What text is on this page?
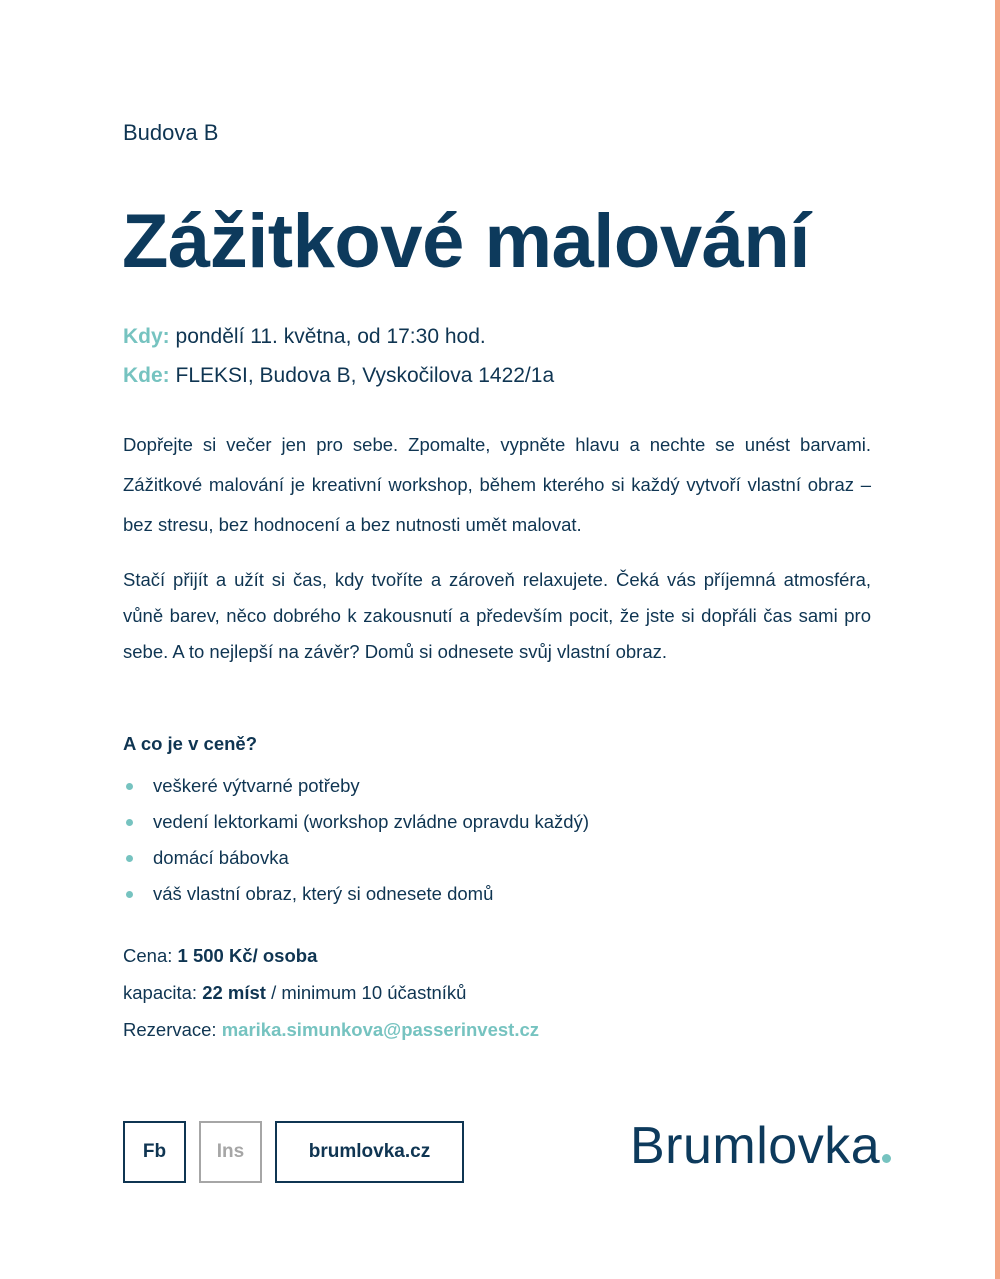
Budova B
Zážitkové malování
Kdy: pondělí 11. května, od 17:30 hod.
Kde: FLEKSI, Budova B, Vyskočilova 1422/1a
Dopřejte si večer jen pro sebe. Zpomalte, vypněte hlavu a nechte se unést barvami. Zážitkové malování je kreativní workshop, během kterého si každý vytvoří vlastní obraz – bez stresu, bez hodnocení a bez nutnosti umět malovat.
Stačí přijít a užít si čas, kdy tvoříte a zároveň relaxujete. Čeká vás příjemná atmosféra, vůně barev, něco dobrého k zakousnutí a především pocit, že jste si dopřáli čas sami pro sebe. A to nejlepší na závěr? Domů si odnesete svůj vlastní obraz.
A co je v ceně?
veškeré výtvarné potřeby
vedení lektorkami (workshop zvládne opravdu každý)
domácí bábovka
váš vlastní obraz, který si odnesete domů
Cena: 1 500 Kč/ osoba
kapacita: 22 míst / minimum 10 účastníků
Rezervace: marika.simunkova@passerinvest.cz
Fb	Ins	brumlovka.cz	Brumlovka
